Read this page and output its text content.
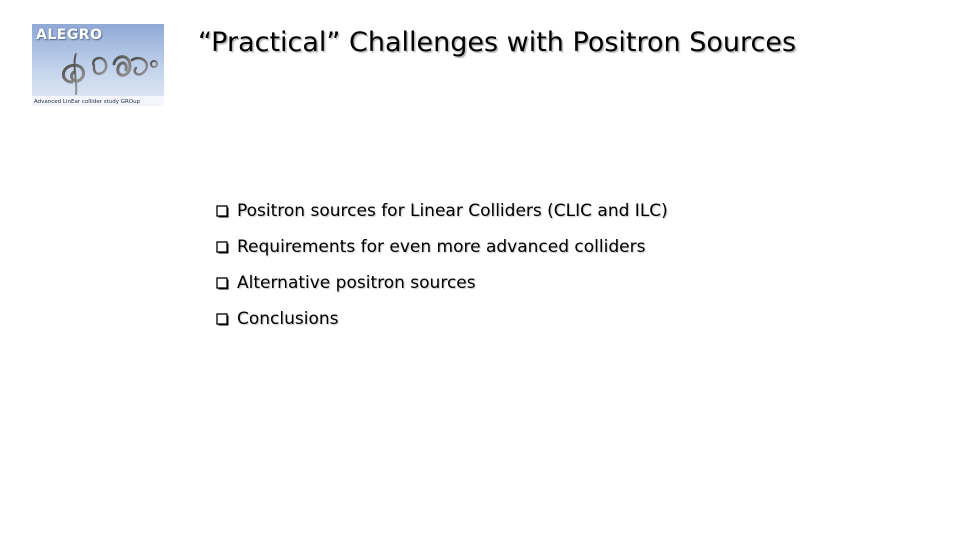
ALEGRO
Advanced LinEar collider study GROup
“Practical” Challenges with Positron Sources
Positron sources for Linear Colliders (CLIC and ILC)
Requirements for even more advanced colliders
Alternative positron sources
Conclusions
